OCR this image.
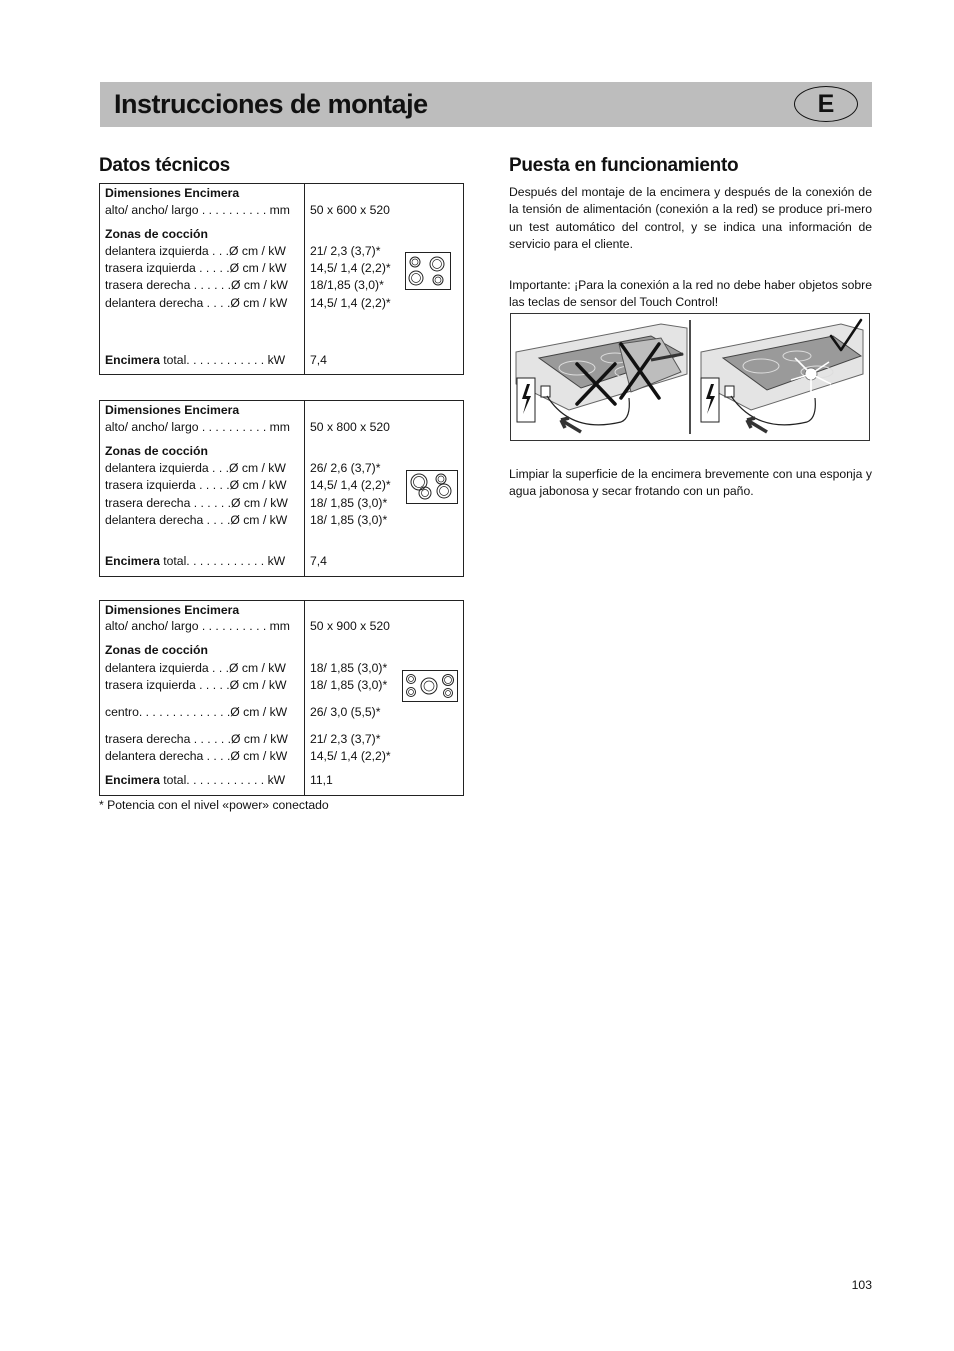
Instrucciones de montaje	E
Datos técnicos
Dimensiones Encimera
alto/ ancho/ largo . . . . . . . . . . mm 50 x 600 x 520
Zonas de cocción
delantera izquierda . . .Ø cm / kW 21/ 2,3 (3,7)*
trasera izquierda . . . . .Ø cm / kW 14,5/ 1,4 (2,2)*
trasera derecha . . . . . .Ø cm / kW 18/1,85 (3,0)*
delantera derecha . . . .Ø cm / kW 14,5/ 1,4 (2,2)*
Encimera total. . . . . . . . . . . . kW 7,4
Dimensiones Encimera
alto/ ancho/ largo . . . . . . . . . . mm 50 x 800 x 520
Zonas de cocción
delantera izquierda . . .Ø cm / kW 26/ 2,6 (3,7)*
trasera izquierda . . . . .Ø cm / kW 14,5/ 1,4 (2,2)*
trasera derecha . . . . . .Ø cm / kW 18/ 1,85 (3,0)*
delantera derecha . . . .Ø cm / kW 18/ 1,85 (3,0)*
Encimera total. . . . . . . . . . . . kW 7,4
Dimensiones Encimera
alto/ ancho/ largo . . . . . . . . . . mm 50 x 900 x 520
Zonas de cocción
delantera izquierda . . .Ø cm / kW 18/ 1,85 (3,0)*
trasera izquierda . . . . .Ø cm / kW 18/ 1,85 (3,0)*
centro. . . . . . . . . . . . . .Ø cm / kW 26/ 3,0 (5,5)*
trasera derecha . . . . . .Ø cm / kW 21/ 2,3 (3,7)*
delantera derecha . . . .Ø cm / kW 14,5/ 1,4 (2,2)*
Encimera total. . . . . . . . . . . . kW 11,1
* Potencia con el nivel «power» conectado
Puesta en funcionamiento

Después del montaje de la encimera y después de la conexión de la tensión de alimentación (conexión a la red) se produce pri-mero un test automático del control, y se indica una información de servicio para el cliente.

Importante: ¡Para la conexión a la red no debe haber objetos sobre las teclas de sensor del Touch Control!

Limpiar la superficie de la encimera brevemente con una esponja y agua jabonosa y secar frotando con un paño.

103
